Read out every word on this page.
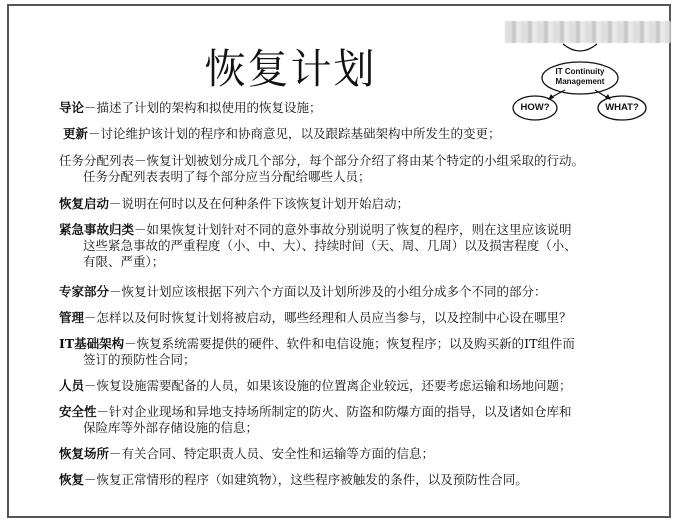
恢复计划	IT Continuity
Management
HOW?	WHAT?
导论－描述了计划的架构和拟使用的恢复设施；
更新－讨论维护该计划的程序和协商意见，以及跟踪基础架构中所发生的变更；
任务分配列表－恢复计划被划分成几个部分，每个部分介绍了将由某个特定的小组采取的行动。
任务分配列表表明了每个部分应当分配给哪些人员；
恢复启动－说明在何时以及在何种条件下该恢复计划开始启动；
紧急事故归类－如果恢复计划针对不同的意外事故分别说明了恢复的程序，则在这里应该说明
这些紧急事故的严重程度（小、中、大）、持续时间（天、周、几周）以及损害程度（小、
有限、严重）；
专家部分－恢复计划应该根据下列六个方面以及计划所涉及的小组分成多个不同的部分：
管理－怎样以及何时恢复计划将被启动，哪些经理和人员应当参与，以及控制中心设在哪里？
IT基础架构－恢复系统需要提供的硬件、软件和电信设施；恢复程序；以及购买新的IT组件而
签订的预防性合同；
人员－恢复设施需要配备的人员，如果该设施的位置离企业较远，还要考虑运输和场地问题；
安全性－针对企业现场和异地支持场所制定的防火、防盗和防爆方面的指导，以及诸如仓库和
保险库等外部存储设施的信息；
恢复场所－有关合同、特定职责人员、安全性和运输等方面的信息；
恢复－恢复正常情形的程序（如建筑物），这些程序被触发的条件，以及预防性合同。
